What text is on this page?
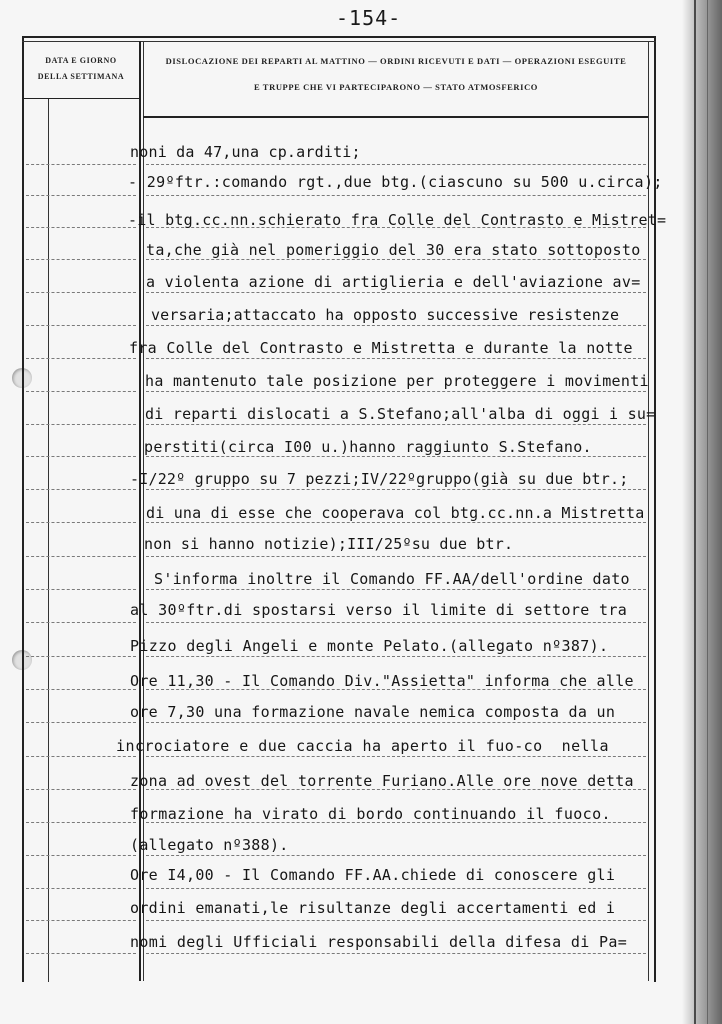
-154-
DATA E GIORNO
DELLA SETTIMANA
DISLOCAZIONE DEI REPARTI AL MATTINO — ORDINI RICEVUTI E DATI — OPERAZIONI ESEGUITE
E TRUPPE CHE VI PARTECIPARONO — STATO ATMOSFERICO
noni da 47,una cp.arditi;
- 29ºftr.:comando rgt.,due btg.(ciascuno su 500 u.circa);
-il btg.cc.nn.schierato fra Colle del Contrasto e Mistret=
ta,che già nel pomeriggio del 30 era stato sottoposto
a violenta azione di artiglieria e dell'aviazione av=
versaria;attaccato ha opposto successive resistenze
fra Colle del Contrasto e Mistretta e durante la notte
ha mantenuto tale posizione per proteggere i movimenti
di reparti dislocati a S.Stefano;all'alba di oggi i su=
perstiti(circa I00 u.)hanno raggiunto S.Stefano.
-I/22º gruppo su 7 pezzi;IV/22ºgruppo(già su due btr.;
di una di esse che cooperava col btg.cc.nn.a Mistretta
non si hanno notizie);III/25ºsu due btr.
S'informa inoltre il Comando FF.AA/dell'ordine dato
al 30ºftr.di spostarsi verso il limite di settore tra
Pizzo degli Angeli e monte Pelato.(allegato nº387).
Ore 11,30 - Il Comando Div."Assietta" informa che alle
ore 7,30 una formazione navale nemica composta da un
incrociatore e due caccia ha aperto il fuo-co  nella
zona ad ovest del torrente Furiano.Alle ore nove detta
formazione ha virato di bordo continuando il fuoco.
(allegato nº388).
Ore I4,00 - Il Comando FF.AA.chiede di conoscere gli
ordini emanati,le risultanze degli accertamenti ed i
nomi degli Ufficiali responsabili della difesa di Pa=
